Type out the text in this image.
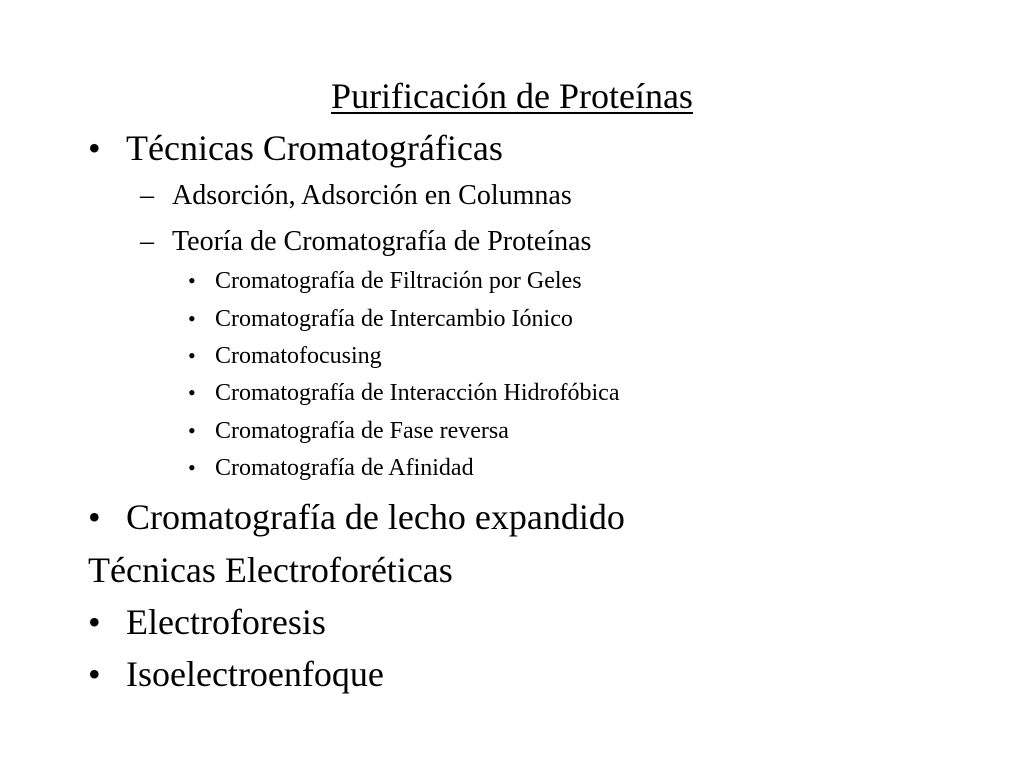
Purificación de Proteínas
• Técnicas Cromatográficas
– Adsorción, Adsorción en Columnas
– Teoría de Cromatografía de Proteínas
• Cromatografía de Filtración por Geles
• Cromatografía de Intercambio Iónico
• Cromatofocusing
• Cromatografía de Interacción Hidrofóbica
• Cromatografía de Fase reversa
• Cromatografía de Afinidad
• Cromatografía de lecho expandido
Técnicas Electroforéticas
• Electroforesis
• Isoelectroenfoque
